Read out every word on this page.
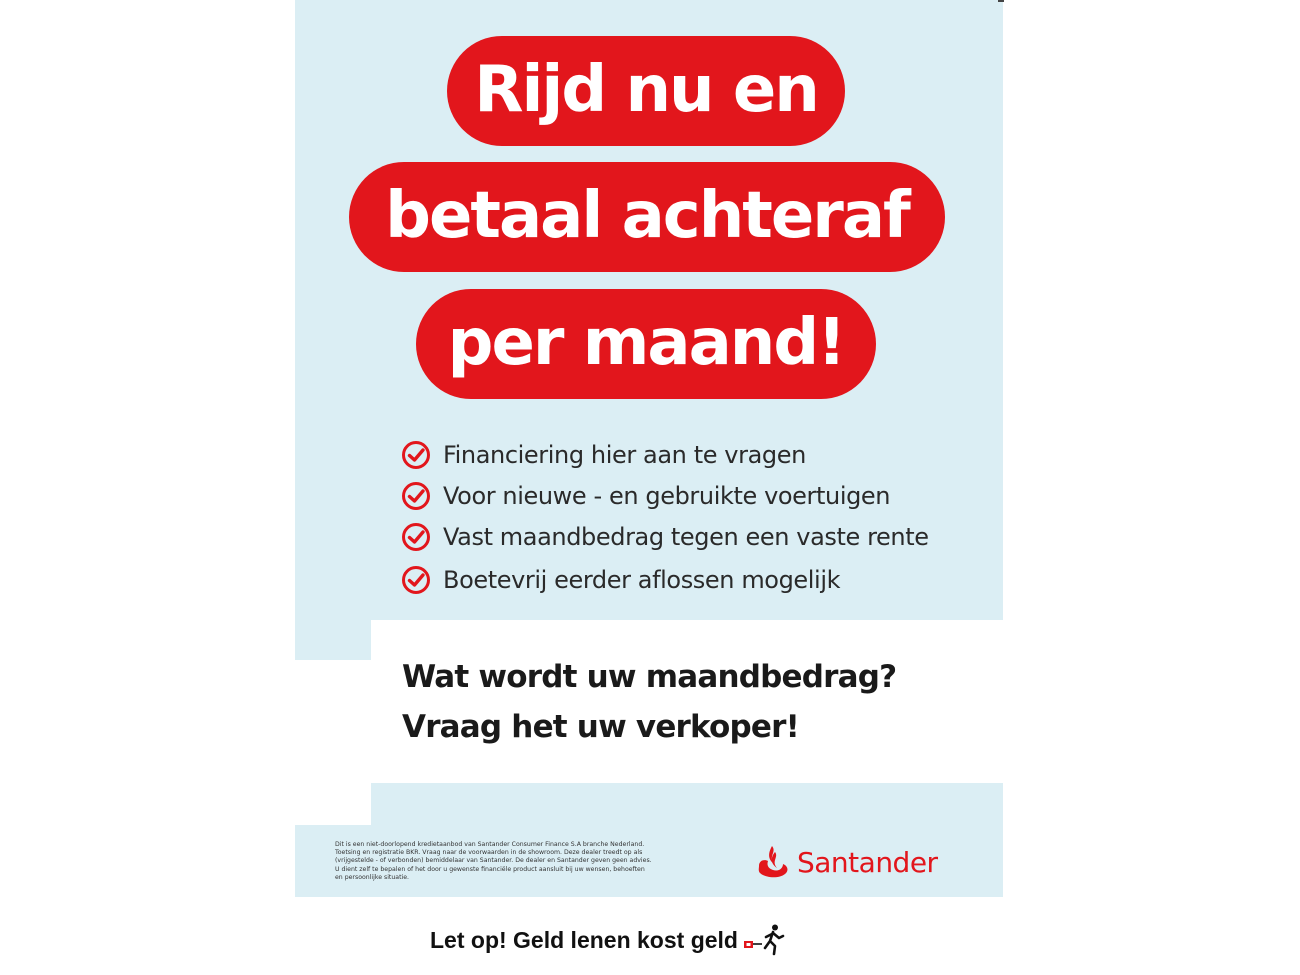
Rijd nu en
betaal achteraf
per maand!
Financiering hier aan te vragen
Voor nieuwe - en gebruikte voertuigen
Vast maandbedrag tegen een vaste rente
Boetevrij eerder aflossen mogelijk
Wat wordt uw maandbedrag?
Vraag het uw verkoper!
Dit is een niet-doorlopend kredietaanbod van Santander Consumer Finance S.A branche Nederland.
Toetsing en registratie BKR. Vraag naar de voorwaarden in de showroom. Deze dealer treedt op als
(vrijgestelde - of verbonden) bemiddelaar van Santander. De dealer en Santander geven geen advies.
U dient zelf te bepalen of het door u gewenste financiële product aansluit bij uw wensen, behoeften
en persoonlijke situatie.	Santander
Let op! Geld lenen kost geld
